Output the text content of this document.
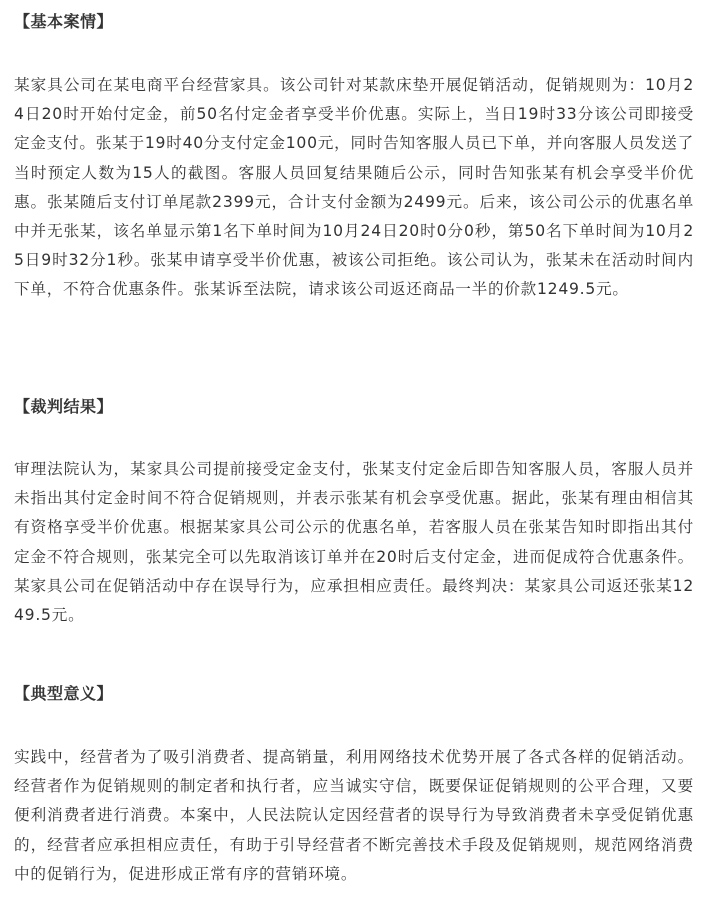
【基本案情】
某家具公司在某电商平台经营家具。该公司针对某款床垫开展促销活动，促销规则为：10月24日20时开始付定金，前50名付定金者享受半价优惠。实际上，当日19时33分该公司即接受定金支付。张某于19时40分支付定金100元，同时告知客服人员已下单，并向客服人员发送了当时预定人数为15人的截图。客服人员回复结果随后公示，同时告知张某有机会享受半价优惠。张某随后支付订单尾款2399元，合计支付金额为2499元。后来，该公司公示的优惠名单中并无张某，该名单显示第1名下单时间为10月24日20时0分0秒，第50名下单时间为10月25日9时32分1秒。张某申请享受半价优惠，被该公司拒绝。该公司认为，张某未在活动时间内下单，不符合优惠条件。张某诉至法院，请求该公司返还商品一半的价款1249.5元。
【裁判结果】
审理法院认为，某家具公司提前接受定金支付，张某支付定金后即告知客服人员，客服人员并未指出其付定金时间不符合促销规则，并表示张某有机会享受优惠。据此，张某有理由相信其有资格享受半价优惠。根据某家具公司公示的优惠名单，若客服人员在张某告知时即指出其付定金不符合规则，张某完全可以先取消该订单并在20时后支付定金，进而促成符合优惠条件。某家具公司在促销活动中存在误导行为，应承担相应责任。最终判决：某家具公司返还张某1249.5元。
【典型意义】
实践中，经营者为了吸引消费者、提高销量，利用网络技术优势开展了各式各样的促销活动。经营者作为促销规则的制定者和执行者，应当诚实守信，既要保证促销规则的公平合理，又要便利消费者进行消费。本案中，人民法院认定因经营者的误导行为导致消费者未享受促销优惠的，经营者应承担相应责任，有助于引导经营者不断完善技术手段及促销规则，规范网络消费中的促销行为，促进形成正常有序的营销环境。
